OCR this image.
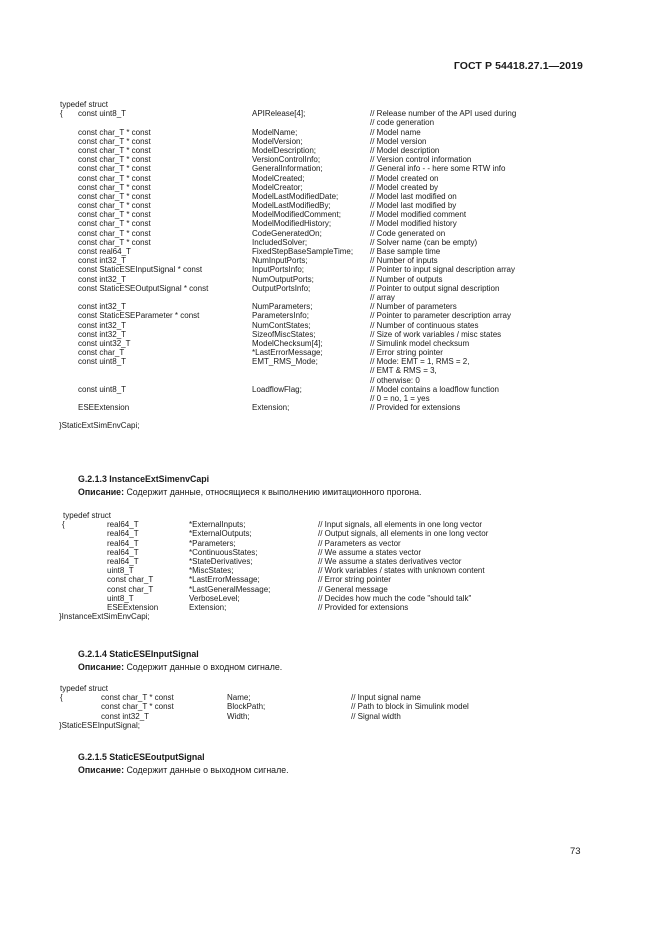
ГОСТ Р 54418.27.1—2019
typedef struct
{ const uint8_T	APIRelease[4];	// Release number of the API used during
// code generation
const char_T * const	ModelName;	// Model name
const char_T * const	ModelVersion;	// Model version
const char_T * const	ModelDescription;	// Model description
const char_T * const	VersionControlInfo;	// Version control information
const char_T * const	GeneralInformation;	// General info - - here some RTW info
const char_T * const	ModelCreated;	// Model created on
const char_T * const	ModelCreator;	// Model created by
const char_T * const	ModelLastModifiedDate;	// Model last modified on
const char_T * const	ModelLastModifiedBy;	// Model last modified by
const char_T * const	ModelModifiedComment;	// Model modified comment
const char_T * const	ModelModifiedHistory;	// Model modified history
const char_T * const	CodeGeneratedOn;	// Code generated on
const char_T * const	IncludedSolver;	// Solver name (can be empty)
const real64_T	FixedStepBaseSampleTime; // Base sample time
const int32_T	NumInputPorts;	// Number of inputs
const StaticESEInputSignal * const	InputPortsInfo;	// Pointer to input signal description array
const int32_T	NumOutputPorts;	// Number of outputs
const StaticESEOutputSignal * const	OutputPortsInfo;	// Pointer to output signal description
// array
const int32_T	NumParameters;	// Number of parameters
const StaticESEParameter * const	ParametersInfo;	// Pointer to parameter description array
const int32_T	NumContStates;	// Number of continuous states
const int32_T	SizeofMiscStates;	// Size of work variables / misc states
const uint32_T	ModelChecksum[4];	// Simulink model checksum
const char_T	*LastErrorMessage;	// Error string pointer
const uint8_T	EMT_RMS_Mode;	// Mode: EMT = 1, RMS = 2,
// EMT & RMS = 3,
// otherwise: 0
const uint8_T	LoadflowFlag;	// Model contains a loadflow function
// 0 = no, 1 = yes
ESEExtension	Extension;	// Provided for extensions
}StaticExtSimEnvCapi;
G.2.1.3 InstanceExtSimenvCapi
Описание: Содержит данные, относящиеся к выполнению имитационного прогона.
typedef struct
{	real64_T	*ExternalInputs;	// Input signals, all elements in one long vector
real64_T	*ExternalOutputs;	// Output signals, all elements in one long vector
real64_T	*Parameters;	// Parameters as vector
real64_T	*ContinuousStates;	// We assume a states vector
real64_T	*StateDerivatives;	// We assume a states derivatives vector
uint8_T	*MiscStates;	// Work variables / states with unknown content
const char_T	*LastErrorMessage;	// Error string pointer
const char_T	*LastGeneralMessage;	// General message
uint8_T	VerboseLevel;	// Decides how much the code "should talk"
ESEExtension	Extension;	// Provided for extensions
}InstanceExtSimEnvCapi;
G.2.1.4 StaticESEInputSignal
Описание: Содержит данные о входном сигнале.
typedef struct
{	const char_T * const	Name;	// Input signal name
const char_T * const	BlockPath;	// Path to block in Simulink model
const int32_T	Width;	// Signal width
}StaticESEInputSignal;
G.2.1.5 StaticESEoutputSignal
Описание: Содержит данные о выходном сигнале.
73
